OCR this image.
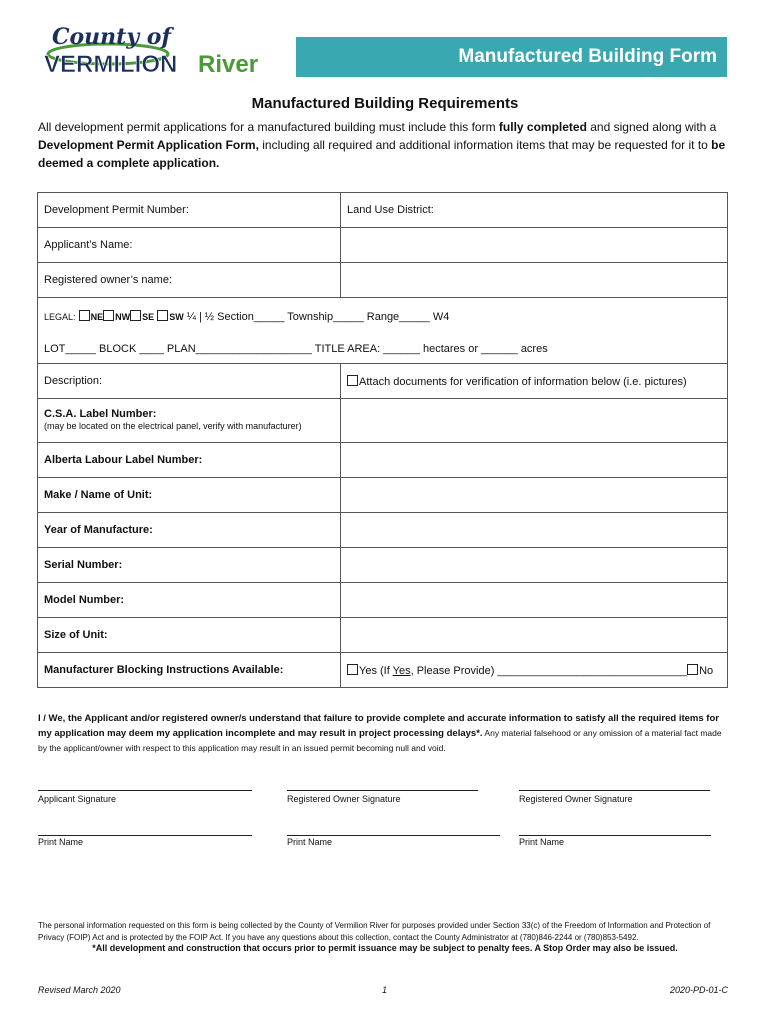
County of
VERMILION River	Manufactured Building Form
Manufactured Building Requirements
All development permit applications for a manufactured building must include this form fully completed and signed along with a Development Permit Application Form, including all required and additional information items that may be requested for it to be deemed a complete application.
Development Permit Number:	Land Use District:
Applicant’s Name:	
Registered owner’s name:	
LEGAL: NE NW SE SW ¼ | ½ Section_____ Township_____ Range_____ W4	
LOT_____ BLOCK ____ PLAN___________________ TITLE AREA: ______ hectares or ______ acres	
Description:	Attach documents for verification of information below (i.e. pictures)

C.S.A. Label Number:
(may be located on the electrical panel, verify with manufacturer)	

Alberta Labour Label Number:	
Make / Name of Unit:	
Year of Manufacture:	
Serial Number:	
Model Number:	
Size of Unit:	
Manufacturer Blocking Instructions Available:	Yes (If Yes, Please Provide) _______________________________ No
I / We, the Applicant and/or registered owner/s understand that failure to provide complete and accurate information to satisfy all the required items for my application may deem my application incomplete and may result in project processing delays*. Any material falsehood or any omission of a material fact made by the applicant/owner with respect to this application may result in an issued permit becoming null and void.
Applicant Signature	Registered Owner Signature	Registered Owner Signature
Print Name	Print Name	Print Name
The personal information requested on this form is being collected by the County of Vermilion River for purposes provided under Section 33(c) of the Freedom of Information and Protection of Privacy (FOIP) Act and is protected by the FOIP Act. If you have any questions about this collection, contact the County Administrator at (780)846-2244 or (780)853-5492.
*All development and construction that occurs prior to permit issuance may be subject to penalty fees. A Stop Order may also be issued.
Revised March 2020	1	2020-PD-01-C
